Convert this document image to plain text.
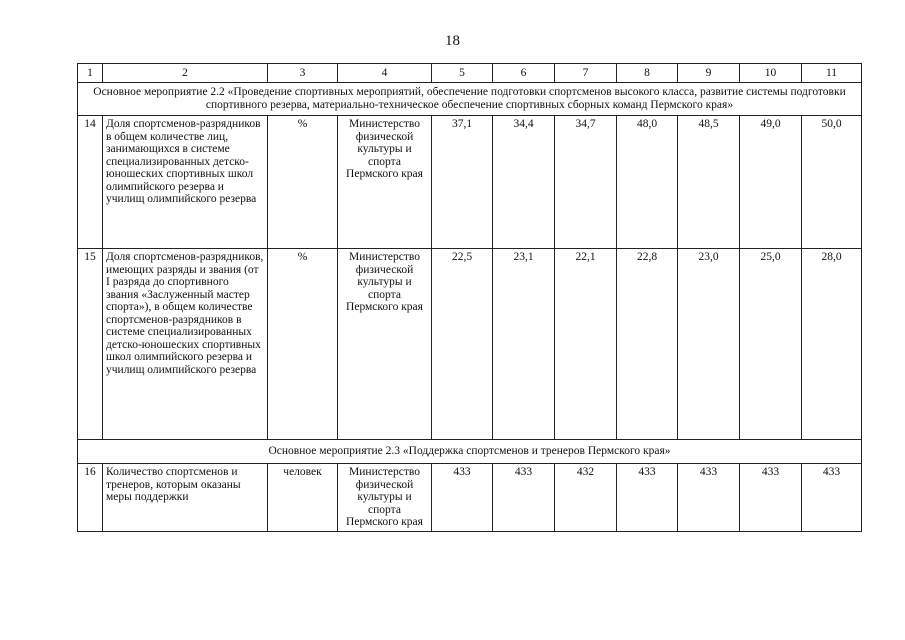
18
1	2	3	4	5	6	7	8	9	10	11
Основное мероприятие 2.2 «Проведение спортивных мероприятий, обеспечение подготовки спортсменов высокого класса, развитие системы подготовки спортивного резерва, материально-техническое обеспечение спортивных сборных команд Пермского края»										
14	Доля спортсменов-разрядников в общем количестве лиц, занимающихся в системе специализированных детско-юношеских спортивных школ олимпийского резерва и училищ олимпийского резерва	%	Министерство физической культуры и спорта Пермского края	37,1	34,4	34,7	48,0	48,5	49,0	50,0
15	Доля спортсменов-разрядников, имеющих разряды и звания (от I разряда до спортивного звания «Заслуженный мастер спорта»), в общем количестве спортсменов-разрядников в системе специализированных детско-юношеских спортивных школ олимпийского резерва и училищ олимпийского резерва	%	Министерство физической культуры и спорта Пермского края	22,5	23,1	22,1	22,8	23,0	25,0	28,0
Основное мероприятие 2.3 «Поддержка спортсменов и тренеров Пермского края»										
16	Количество спортсменов и тренеров, которым оказаны меры поддержки	человек	Министерство физической культуры и спорта Пермского края	433	433	432	433	433	433	433
